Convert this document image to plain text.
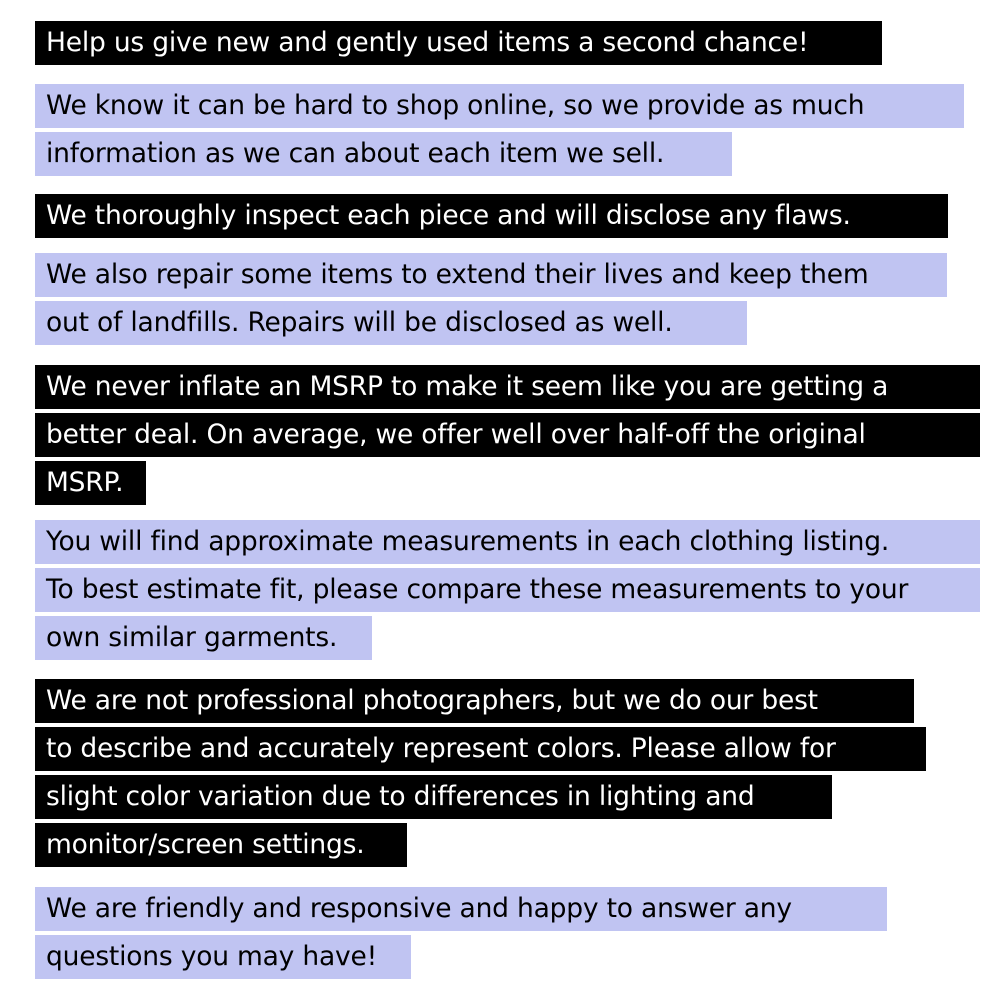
Help us give new and gently used items a second chance!
We know it can be hard to shop online, so we provide as much
information as we can about each item we sell.
We thoroughly inspect each piece and will disclose any flaws.
We also repair some items to extend their lives and keep them
out of landfills. Repairs will be disclosed as well.
We never inflate an MSRP to make it seem like you are getting a
better deal. On average, we offer well over half-off the original
MSRP.
You will find approximate measurements in each clothing listing.
To best estimate fit, please compare these measurements to your
own similar garments.
We are not professional photographers, but we do our best
to describe and accurately represent colors. Please allow for
slight color variation due to differences in lighting and
monitor/screen settings.
We are friendly and responsive and happy to answer any
questions you may have!
